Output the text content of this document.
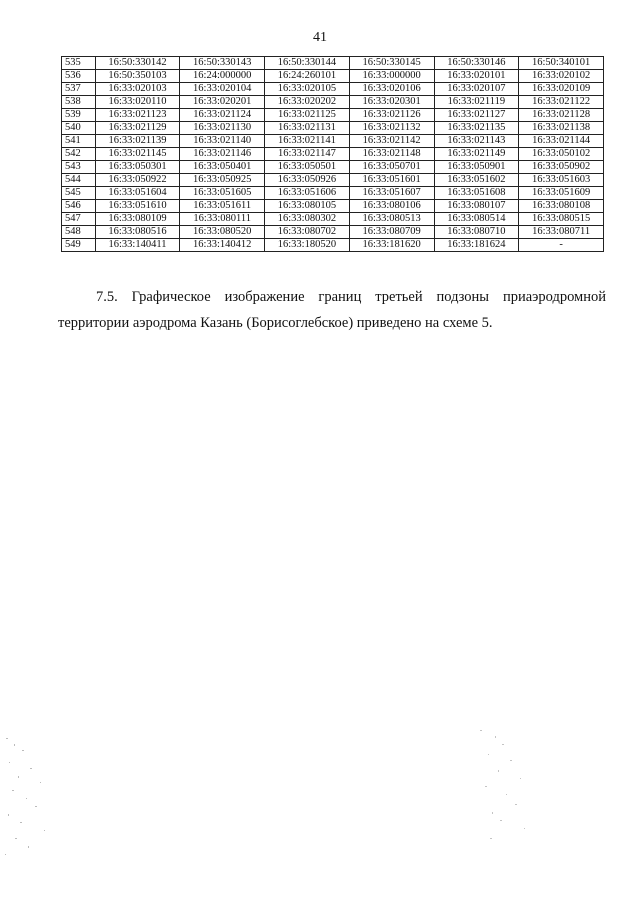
41
535	16:50:330142	16:50:330143	16:50:330144	16:50:330145	16:50:330146	16:50:340101
536	16:50:350103	16:24:000000	16:24:260101	16:33:000000	16:33:020101	16:33:020102
537	16:33:020103	16:33:020104	16:33:020105	16:33:020106	16:33:020107	16:33:020109
538	16:33:020110	16:33:020201	16:33:020202	16:33:020301	16:33:021119	16:33:021122
539	16:33:021123	16:33:021124	16:33:021125	16:33:021126	16:33:021127	16:33:021128
540	16:33:021129	16:33:021130	16:33:021131	16:33:021132	16:33:021135	16:33:021138
541	16:33:021139	16:33:021140	16:33:021141	16:33:021142	16:33:021143	16:33:021144
542	16:33:021145	16:33:021146	16:33:021147	16:33:021148	16:33:021149	16:33:050102
543	16:33:050301	16:33:050401	16:33:050501	16:33:050701	16:33:050901	16:33:050902
544	16:33:050922	16:33:050925	16:33:050926	16:33:051601	16:33:051602	16:33:051603
545	16:33:051604	16:33:051605	16:33:051606	16:33:051607	16:33:051608	16:33:051609
546	16:33:051610	16:33:051611	16:33:080105	16:33:080106	16:33:080107	16:33:080108
547	16:33:080109	16:33:080111	16:33:080302	16:33:080513	16:33:080514	16:33:080515
548	16:33:080516	16:33:080520	16:33:080702	16:33:080709	16:33:080710	16:33:080711
549	16:33:140411	16:33:140412	16:33:180520	16:33:181620	16:33:181624	-
7.5. Графическое изображение границ третьей подзоны приаэродромной
территории аэродрома Казань (Борисоглебское) приведено на схеме 5.
